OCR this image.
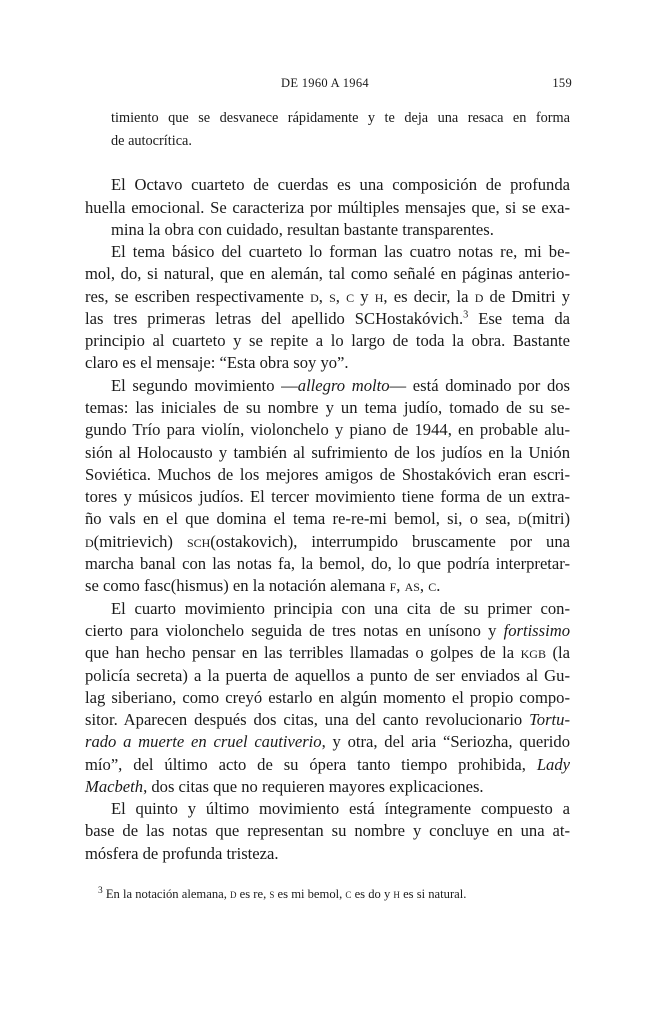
DE 1960 A 1964	159
timiento que se desvanece rápidamente y te deja una resaca en forma
de autocrítica.
El Octavo cuarteto de cuerdas es una composición de profunda
huella emocional. Se caracteriza por múltiples mensajes que, si se exa-
mina la obra con cuidado, resultan bastante transparentes.
El tema básico del cuarteto lo forman las cuatro notas re, mi be-
mol, do, si natural, que en alemán, tal como señalé en páginas anterio-
res, se escriben respectivamente d, s, c y h, es decir, la d de Dmitri y
las tres primeras letras del apellido SCHostakóvich.$^3$ Ese tema da
principio al cuarteto y se repite a lo largo de toda la obra. Bastante
claro es el mensaje: “Esta obra soy yo”.
El segundo movimiento —allegro molto— está dominado por dos
temas: las iniciales de su nombre y un tema judío, tomado de su se-
gundo Trío para violín, violonchelo y piano de 1944, en probable alu-
sión al Holocausto y también al sufrimiento de los judíos en la Unión
Soviética. Muchos de los mejores amigos de Shostakóvich eran escri-
tores y músicos judíos. El tercer movimiento tiene forma de un extra-
ño vals en el que domina el tema re-re-mi bemol, si, o sea, d(mitri)
d(mitrievich) sch(ostakovich), interrumpido bruscamente por una
marcha banal con las notas fa, la bemol, do, lo que podría interpretar-
se como fasc(hismus) en la notación alemana f, as, c.
El cuarto movimiento principia con una cita de su primer con-
cierto para violonchelo seguida de tres notas en unísono y fortissimo
que han hecho pensar en las terribles llamadas o golpes de la kgb (la
policía secreta) a la puerta de aquellos a punto de ser enviados al Gu-
lag siberiano, como creyó estarlo en algún momento el propio compo-
sitor. Aparecen después dos citas, una del canto revolucionario Tortu-
rado a muerte en cruel cautiverio, y otra, del aria “Seriozha, querido
mío”, del último acto de su ópera tanto tiempo prohibida, Lady
Macbeth, dos citas que no requieren mayores explicaciones.
El quinto y último movimiento está íntegramente compuesto a
base de las notas que representan su nombre y concluye en una at-
mósfera de profunda tristeza.
$^3$ En la notación alemana, d es re, s es mi bemol, c es do y h es si natural.
